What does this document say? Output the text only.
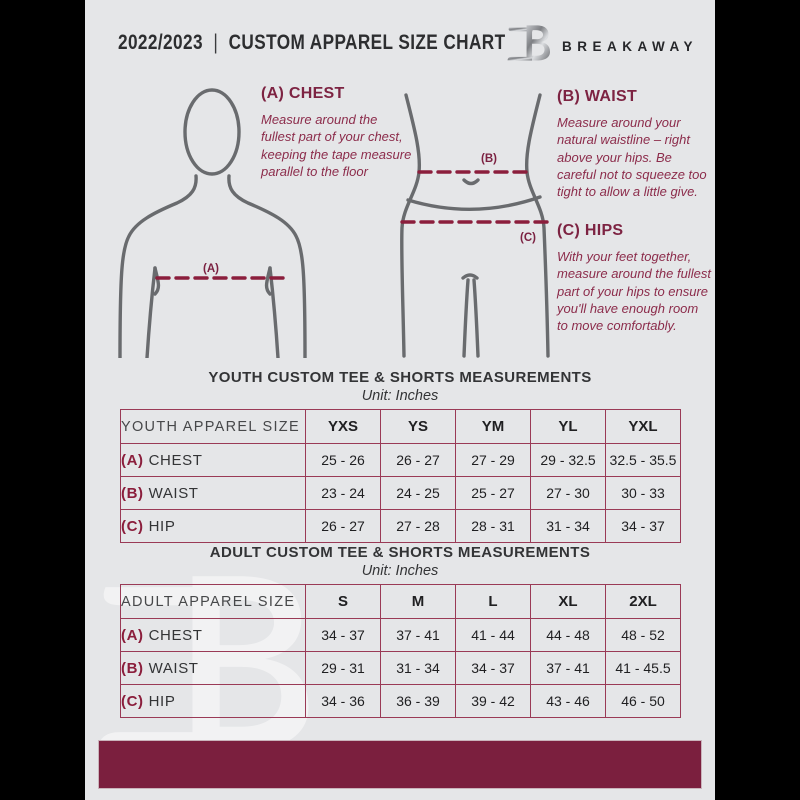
2022/2023 | CUSTOM APPAREL SIZE CHART	BREAKAWAY
(A)
(B)
(C)
(A) CHEST

Measure around the fullest part of your chest, keeping the tape measure parallel to the floor

(B) WAIST

Measure around your natural waistline – right above your hips. Be careful not to squeeze too tight to allow a little give.

(C) HIPS

With your feet together, measure around the fullest part of your hips to ensure you'll have enough room to move comfortably.

YOUTH CUSTOM TEE & SHORTS MEASUREMENTS
Unit: Inches
YOUTH APPAREL SIZE	YXS	YS	YM	YL	YXL
(A) CHEST	25 - 26	26 - 27	27 - 29	29 - 32.5	32.5 - 35.5
(B) WAIST	23 - 24	24 - 25	25 - 27	27 - 30	30 - 33
(C) HIP	26 - 27	27 - 28	28 - 31	31 - 34	34 - 37
ADULT CUSTOM TEE & SHORTS MEASUREMENTS
Unit: Inches
ADULT APPAREL SIZE	S	M	L	XL	2XL
(A) CHEST	34 - 37	37 - 41	41 - 44	44 - 48	48 - 52
(B) WAIST	29 - 31	31 - 34	34 - 37	37 - 41	41 - 45.5
(C) HIP	34 - 36	36 - 39	39 - 42	43 - 46	46 - 50
